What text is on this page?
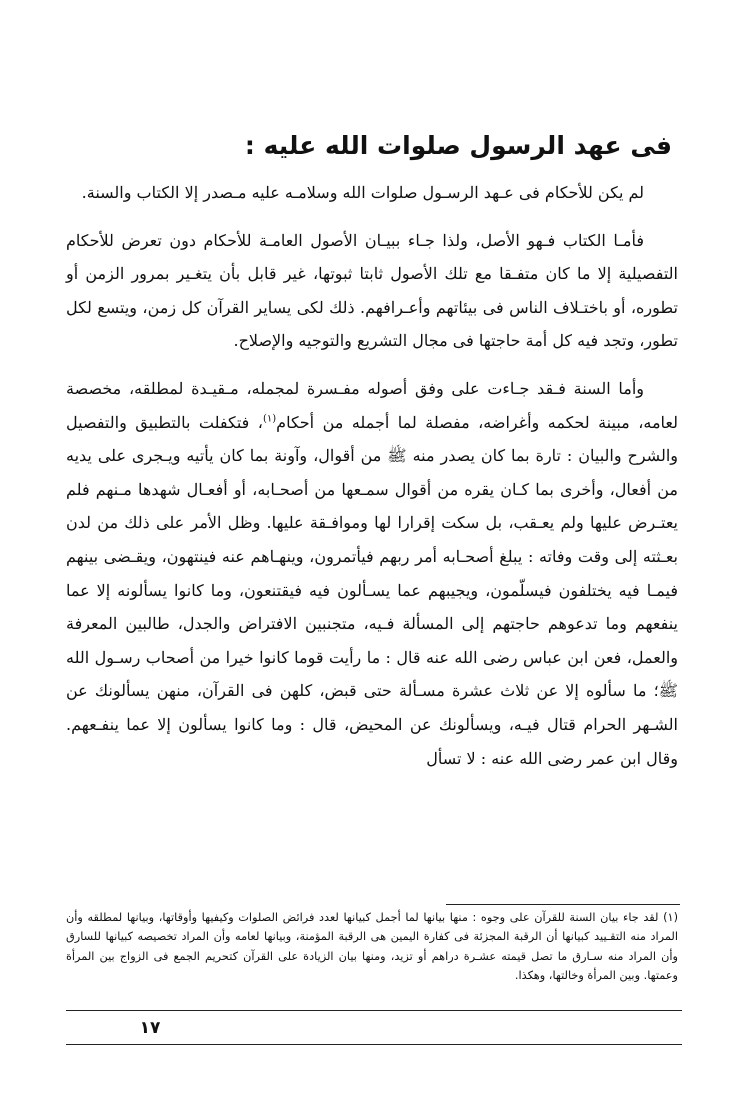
فى عهد الرسول صلوات الله عليه :

لم يكن للأحكام فى عـهد الرسـول صلوات الله وسلامـه عليه مـصدر إلا الكتاب والسنة.

فأمـا الكتاب فـهو الأصل، ولذا جـاء ببيـان الأصول العامـة للأحكام دون تعرض للأحكام التفصيلية إلا ما كان متفـقا مع تلك الأصول ثابتا ثبوتها، غير قابل بأن يتغـير بمرور الزمن أو تطوره، أو باختـلاف الناس فى بيئاتهم وأعـرافهم. ذلك لكى يساير القرآن كل زمن، ويتسع لكل تطور، وتجد فيه كل أمة حاجتها فى مجال التشريع والتوجيه والإصلاح.

وأما السنة فـقد جـاءت على وفق أصوله مفـسرة لمجمله، مـقيـدة لمطلقه، مخصصة لعامه، مبينة لحكمه وأغراضه، مفصلة لما أجمله من أحكام$^{(١)}$، فتكفلت بالتطبيق والتفصيل والشرح والبيان : تارة بما كان يصدر منه ﷺ من أقوال، وآونة بما كان يأتيه ويـجرى على يديه من أفعال، وأخرى بما كـان يقره من أقوال سمـعها من أصحـابه، أو أفعـال شهدها مـنهم فلم يعتـرض عليها ولم يعـقب، بل سكت إقرارا لها وموافـقة عليها. وظل الأمر على ذلك من لدن بعـثته إلى وقت وفاته : يبلغ أصحـابه أمر ربهم فيأتمرون، وينهـاهم عنه فينتهون، ويقـضى بينهم فيمـا فيه يختلفون فيسلّمون، ويجيبهم عما يسـألون فيه فيقتنعون، وما كانوا يسألونه إلا عما ينفعهم وما تدعوهم حاجتهم إلى المسألة فـيه، متجنبين الافتراض والجدل، طالبين المعرفة والعمل، فعن ابن عباس رضى الله عنه قال : ما رأيت قوما كانوا خيرا من أصحاب رسـول الله ﷺ؛ ما سألوه إلا عن ثلاث عشرة مسـألة حتى قبض، كلهن فى القرآن، منهن يسألونك عن الشـهر الحرام قتال فيـه، ويسألونك عن المحيض، قال : وما كانوا يسألون إلا عما ينفـعهم. وقال ابن عمر رضى الله عنه : لا تسأل

(١) لقد جاء بيان السنة للقرآن على وجوه : منها بيانها لما أجمل كبيانها لعدد فرائض الصلوات وكيفيها وأوقاتها، وبيانها لمطلقه وأن المراد منه التقـييد كبيانها أن الرقبة المجزئة فى كفارة اليمين هى الرقبة المؤمنة، وبيانها لعامه وأن المراد تخصيصه كبيانها للسارق وأن المراد منه سـارق ما تصل قيمته عشـرة دراهم أو تزيد، ومنها بيان الزيادة على القرآن كتحريم الجمع فى الزواج بين المرأة وعمتها. وبين المرأة وخالتها، وهكذا.

١٧
